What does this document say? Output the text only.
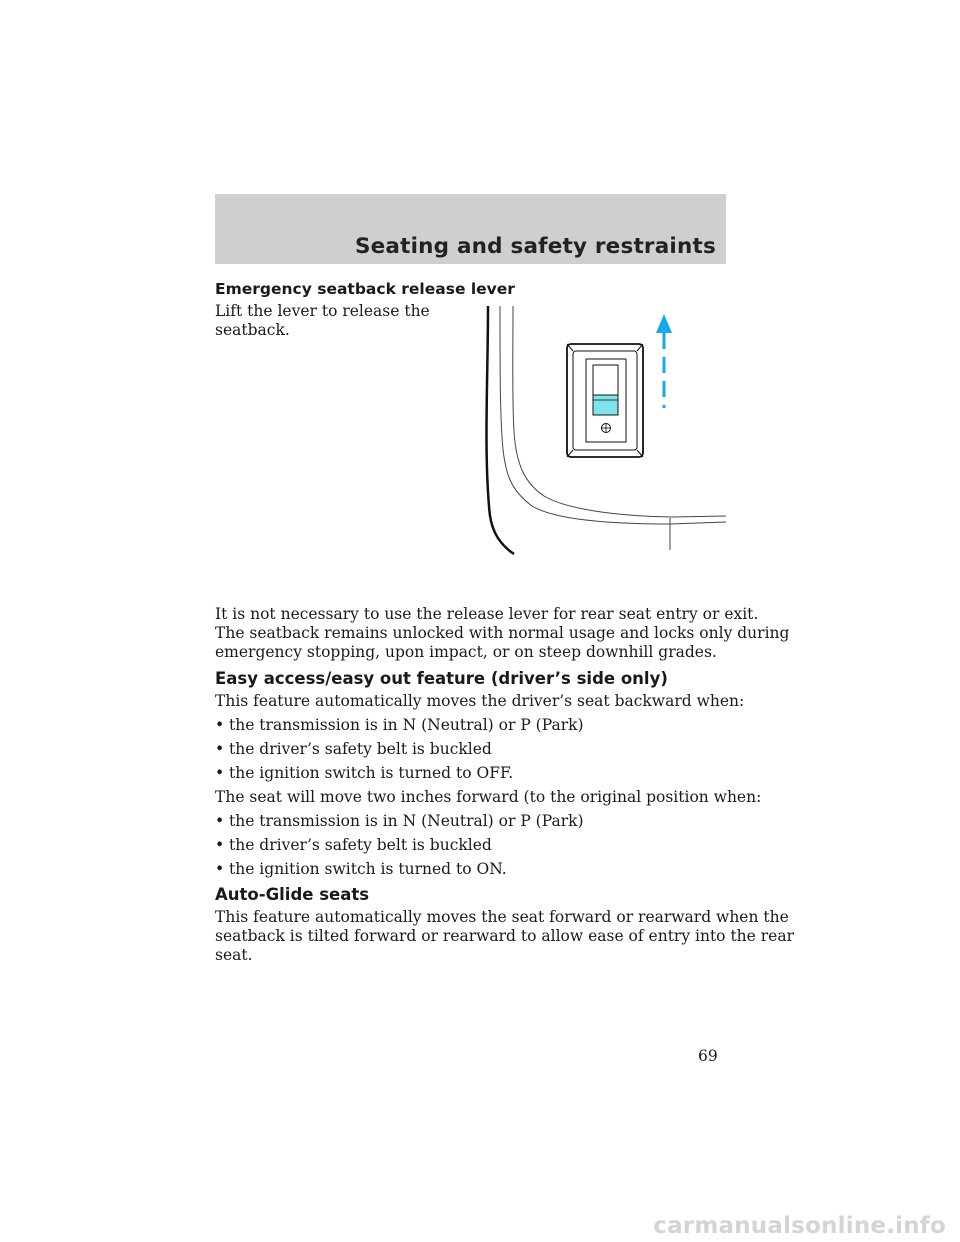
Seating and safety restraints
Emergency seatback release lever
Lift the lever to release the
seatback.
It is not necessary to use the release lever for rear seat entry or exit.
The seatback remains unlocked with normal usage and locks only during
emergency stopping, upon impact, or on steep downhill grades.
Easy access/easy out feature (driver’s side only)
This feature automatically moves the driver’s seat backward when:
• the transmission is in N (Neutral) or P (Park)
• the driver’s safety belt is buckled
• the ignition switch is turned to OFF.
The seat will move two inches forward (to the original position when:
• the transmission is in N (Neutral) or P (Park)
• the driver’s safety belt is buckled
• the ignition switch is turned to ON.
Auto-Glide seats
This feature automatically moves the seat forward or rearward when the
seatback is tilted forward or rearward to allow ease of entry into the rear
seat.
69
carmanualsonline.info
